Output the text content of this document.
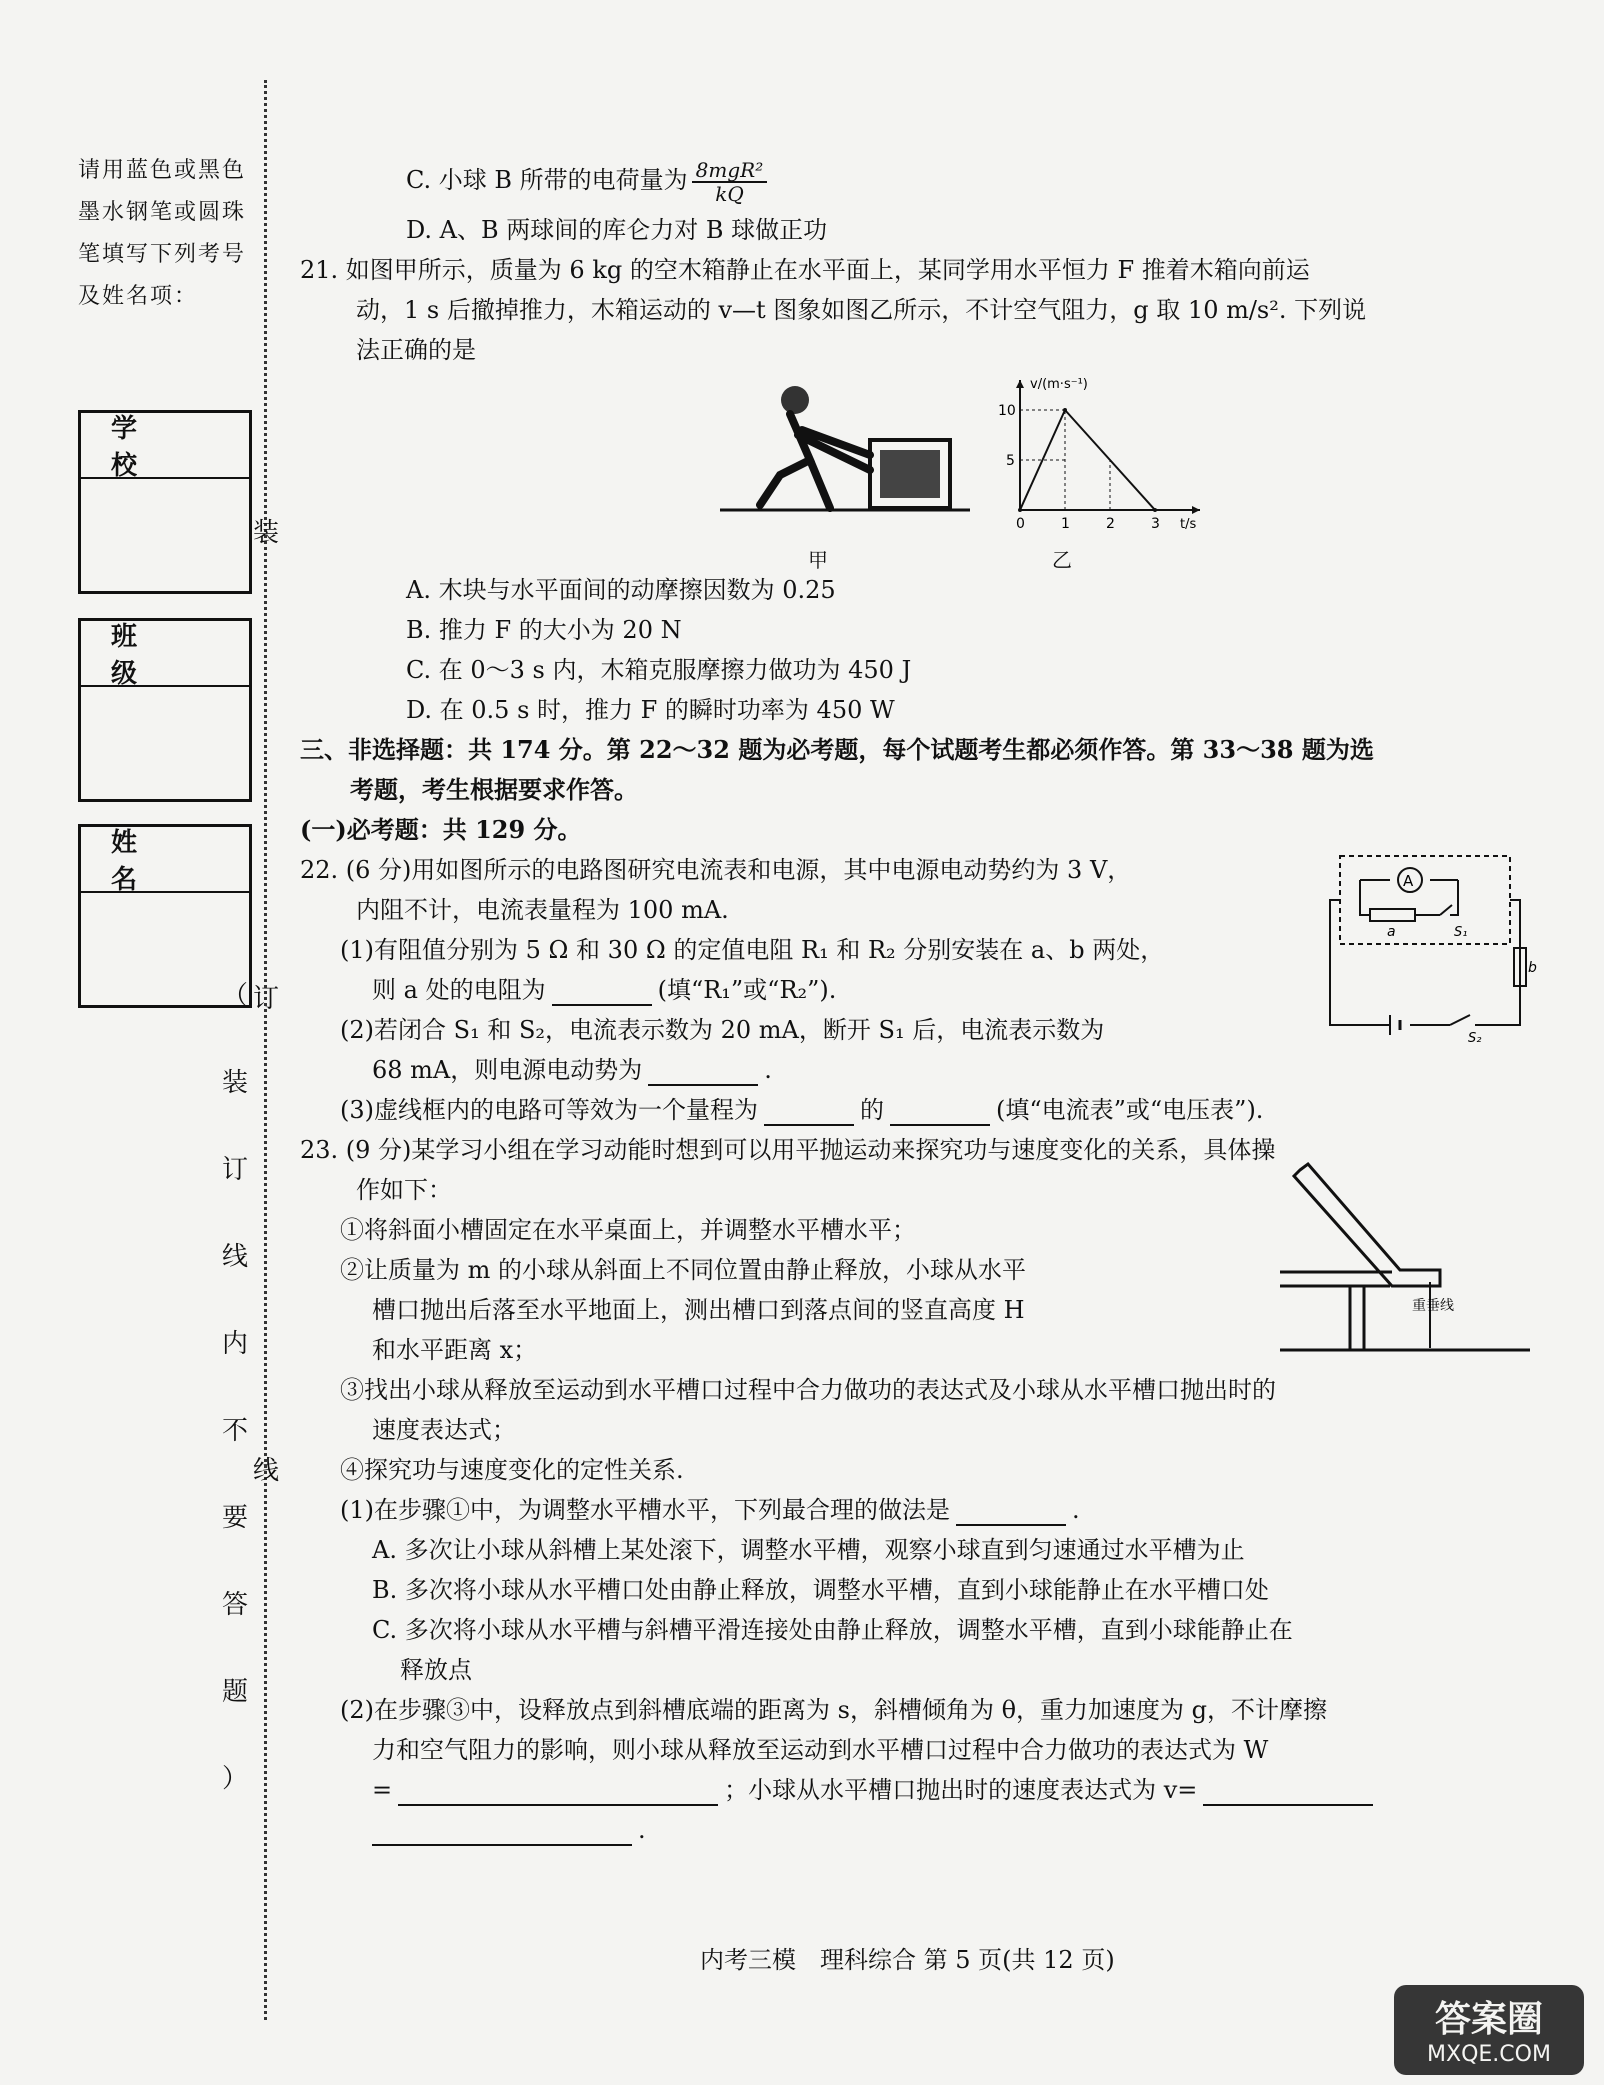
请用蓝色或黑色
墨水钢笔或圆珠
笔填写下列考号
及姓名项：
学 校
班 级
姓 名
装
订
线
（
装
订
线
内
不
要
答
题
）
C. 小球 B 所带的电荷量为 $\frac{\text{8mgR²}}{kQ}$
D. A、B 两球间的库仑力对 B 球做正功
21. 如图甲所示，质量为 6 kg 的空木箱静止在水平面上，某同学用水平恒力 F 推着木箱向前运
动，1 s 后撤掉推力，木箱运动的 v—t 图象如图乙所示，不计空气阻力，g 取 10 m/s². 下列说
法正确的是
v/(m·s⁻¹)
t/s
0	1	2	3
5
10
甲	乙
A. 木块与水平面间的动摩擦因数为 0.25
B. 推力 F 的大小为 20 N
C. 在 0～3 s 内，木箱克服摩擦力做功为 450 J
D. 在 0.5 s 时，推力 F 的瞬时功率为 450 W
三、非选择题：共 174 分。第 22～32 题为必考题，每个试题考生都必须作答。第 33～38 题为选
考题，考生根据要求作答。
(一)必考题：共 129 分。
22. (6 分)用如图所示的电路图研究电流表和电源，其中电源电动势约为 3 V，
内阻不计，电流表量程为 100 mA.
(1)有阻值分别为 5 Ω 和 30 Ω 的定值电阻 R₁ 和 R₂ 分别安装在 a、b 两处，
则 a 处的电阻为	(填“R₁”或“R₂”).
(2)若闭合 S₁ 和 S₂，电流表示数为 20 mA，断开 S₁ 后，电流表示数为
68 mA，则电源电动势为	.
(3)虚线框内的电路可等效为一个量程为	的	(填“电流表”或“电压表”).
A
a	S₁
b
S₂
23. (9 分)某学习小组在学习动能时想到可以用平抛运动来探究功与速度变化的关系，具体操
作如下：
①将斜面小槽固定在水平桌面上，并调整水平槽水平；
②让质量为 m 的小球从斜面上不同位置由静止释放，小球从水平
槽口抛出后落至水平地面上，测出槽口到落点间的竖直高度 H
和水平距离 x；
③找出小球从释放至运动到水平槽口过程中合力做功的表达式及小球从水平槽口抛出时的
速度表达式；
④探究功与速度变化的定性关系.
(1)在步骤①中，为调整水平槽水平，下列最合理的做法是	.
A. 多次让小球从斜槽上某处滚下，调整水平槽，观察小球直到匀速通过水平槽为止
B. 多次将小球从水平槽口处由静止释放，调整水平槽，直到小球能静止在水平槽口处
C. 多次将小球从水平槽与斜槽平滑连接处由静止释放，调整水平槽，直到小球能静止在
释放点
(2)在步骤③中，设释放点到斜槽底端的距离为 s，斜槽倾角为 θ，重力加速度为 g，不计摩擦
力和空气阻力的影响，则小球从释放至运动到水平槽口过程中合力做功的表达式为 W
=	；小球从水平槽口抛出时的速度表达式为 v=
.
重垂线
内考三模　理科综合 第 5 页(共 12 页)
答案圈
MXQE.COM
